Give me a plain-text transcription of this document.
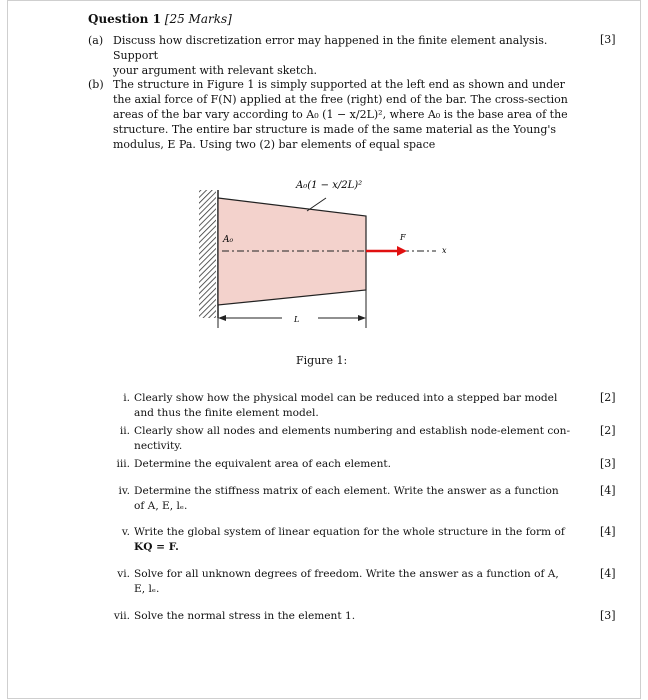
Question 1 [25 Marks]
(a) Discuss how discretization error may happened in the finite element analysis. Support
your argument with relevant sketch.
[3]
(b) The structure in Figure 1 is simply supported at the left end as shown and under
the axial force of F(N) applied at the free (right) end of the bar. The cross-section
areas of the bar vary according to A₀ (1 − x/2L)², where A₀ is the base area of the
structure. The entire bar structure is made of the same material as the Young's
modulus, E Pa. Using two (2) bar elements of equal space
A₀(1 − x/2L)²
A₀	F
x
L
Figure 1:
i. Clearly show how the physical model can be reduced into a stepped bar model
and thus the finite element model.
[2]
ii. Clearly show all nodes and elements numbering and establish node-element con-
nectivity.
[2]
iii. Determine the equivalent area of each element.	[3]
iv. Determine the stiffness matrix of each element. Write the answer as a function
of A, E, lₑ.
[4]
v. Write the global system of linear equation for the whole structure in the form of
KQ = F.
[4]
vi. Solve for all unknown degrees of freedom. Write the answer as a function of A,
E, lₑ.
[4]
vii. Solve the normal stress in the element 1.	[3]
